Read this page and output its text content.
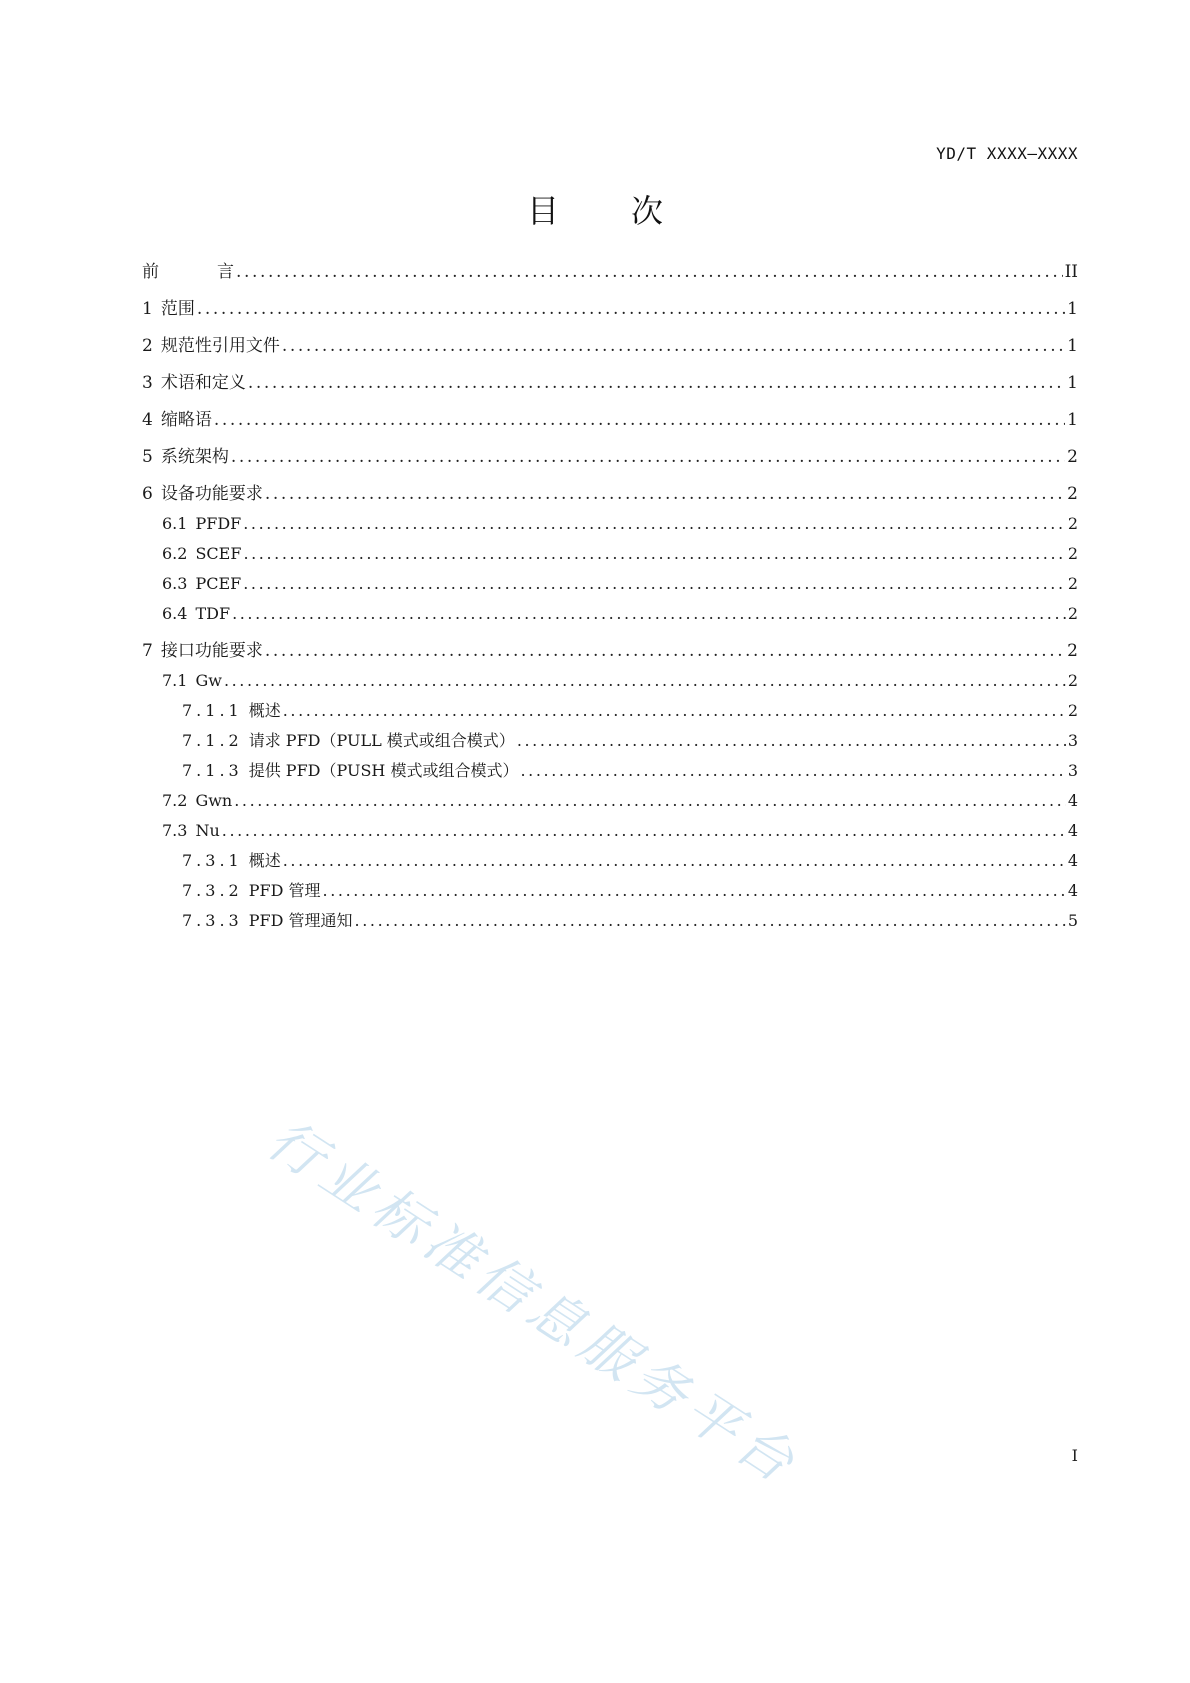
YD/T XXXX—XXXX
目 次
前	言 .....	II
1 范围 .....	1
2 规范性引用文件 .....	1
3 术语和定义 .....	1
4 缩略语 .....	1
5 系统架构 .....	2
6 设备功能要求 .....	2
6.1 PFDF .....	2
6.2 SCEF .....	2
6.3 PCEF .....	2
6.4 TDF .....	2
7 接口功能要求 .....	2
7.1 Gw .....	2
7.1.1 概述 .....	2
7.1.2 请求 PFD（PULL 模式或组合模式） .....	3
7.1.3 提供 PFD（PUSH 模式或组合模式） .....	3
7.2 Gwn .....	4
7.3 Nu .....	4
7.3.1 概述 .....	4
7.3.2 PFD 管理 .....	4
7.3.3 PFD 管理通知 .....	5
行业标准信息服务平台	I
